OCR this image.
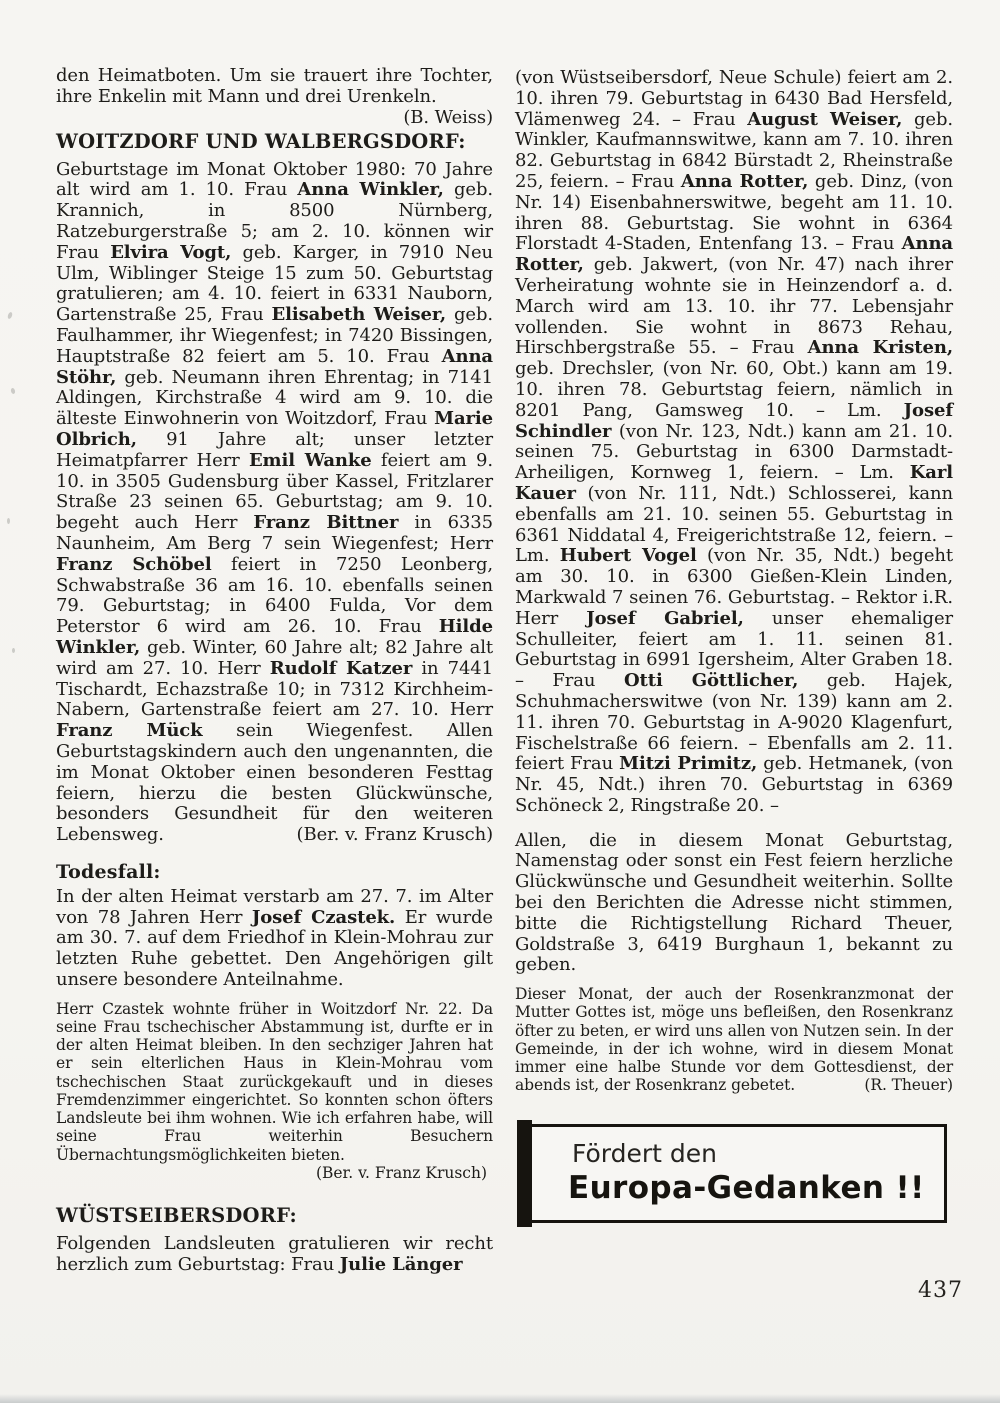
den Heimatboten. Um sie trauert ihre Tochter, ihre Enkelin mit Mann und drei Urenkeln.
(B. Weiss)

WOITZDORF UND WALBERGSDORF:

Geburtstage im Monat Oktober 1980: 70 Jahre alt wird am 1. 10. Frau Anna Winkler, geb. Krannich, in 8500 Nürnberg, Ratzeburgerstraße 5; am 2. 10. können wir Frau Elvira Vogt, geb. Karger, in 7910 Neu Ulm, Wiblinger Steige 15 zum 50. Geburtstag gratulieren; am 4. 10. feiert in 6331 Nauborn, Gartenstraße 25, Frau Elisabeth Weiser, geb. Faulhammer, ihr Wiegenfest; in 7420 Bissingen, Hauptstraße 82 feiert am 5. 10. Frau Anna Stöhr, geb. Neumann ihren Ehrentag; in 7141 Aldingen, Kirchstraße 4 wird am 9. 10. die älteste Einwohnerin von Woitzdorf, Frau Marie Olbrich, 91 Jahre alt; unser letzter Heimatpfarrer Herr Emil Wanke feiert am 9. 10. in 3505 Gudensburg über Kassel, Fritzlarer Straße 23 seinen 65. Geburtstag; am 9. 10. begeht auch Herr Franz Bittner in 6335 Naunheim, Am Berg 7 sein Wiegenfest; Herr Franz Schöbel feiert in 7250 Leonberg, Schwabstraße 36 am 16. 10. ebenfalls seinen 79. Geburtstag; in 6400 Fulda, Vor dem Peterstor 6 wird am 26. 10. Frau Hilde Winkler, geb. Winter, 60 Jahre alt; 82 Jahre alt wird am 27. 10. Herr Rudolf Katzer in 7441 Tischardt, Echazstraße 10; in 7312 Kirchheim-Nabern, Gartenstraße feiert am 27. 10. Herr Franz Mück sein Wiegenfest. Allen Geburtstagskindern auch den ungenannten, die im Monat Oktober einen besonderen Festtag feiern, hierzu die besten Glückwünsche, besonders Gesundheit für den weiteren Lebensweg.	(Ber. v. Franz Krusch)

Todesfall:

In der alten Heimat verstarb am 27. 7. im Alter von 78 Jahren Herr Josef Czastek. Er wurde am 30. 7. auf dem Friedhof in Klein-Mohrau zur letzten Ruhe gebettet. Den Angehörigen gilt unsere besondere Anteilnahme.

Herr Czastek wohnte früher in Woitzdorf Nr. 22. Da seine Frau tschechischer Abstammung ist, durfte er in der alten Heimat bleiben. In den sechziger Jahren hat er sein elterlichen Haus in Klein-Mohrau vom tschechischen Staat zurückgekauft und in dieses Fremdenzimmer eingerichtet. So konnten schon öfters Landsleute bei ihm wohnen. Wie ich erfahren habe, will seine Frau weiterhin Besuchern Übernachtungsmöglichkeiten bieten.

(Ber. v. Franz Krusch)

WÜSTSEIBERSDORF:

Folgenden Landsleuten gratulieren wir recht herzlich zum Geburtstag: Frau Julie Länger

(von Wüstseibersdorf, Neue Schule) feiert am 2. 10. ihren 79. Geburtstag in 6430 Bad Hersfeld, Vlämenweg 24. – Frau August Weiser, geb. Winkler, Kaufmannswitwe, kann am 7. 10. ihren 82. Geburtstag in 6842 Bürstadt 2, Rheinstraße 25, feiern. – Frau Anna Rotter, geb. Dinz, (von Nr. 14) Eisenbahnerswitwe, begeht am 11. 10. ihren 88. Geburtstag. Sie wohnt in 6364 Florstadt 4-Staden, Entenfang 13. – Frau Anna Rotter, geb. Jakwert, (von Nr. 47) nach ihrer Verheiratung wohnte sie in Heinzendorf a. d. March wird am 13. 10. ihr 77. Lebensjahr vollenden. Sie wohnt in 8673 Rehau, Hirschbergstraße 55. – Frau Anna Kristen, geb. Drechsler, (von Nr. 60, Obt.) kann am 19. 10. ihren 78. Geburtstag feiern, nämlich in 8201 Pang, Gamsweg 10. – Lm. Josef Schindler (von Nr. 123, Ndt.) kann am 21. 10. seinen 75. Geburtstag in 6300 Darmstadt-Arheiligen, Kornweg 1, feiern. – Lm. Karl Kauer (von Nr. 111, Ndt.) Schlosserei, kann ebenfalls am 21. 10. seinen 55. Geburtstag in 6361 Niddatal 4, Freigerichtstraße 12, feiern. – Lm. Hubert Vogel (von Nr. 35, Ndt.) begeht am 30. 10. in 6300 Gießen-Klein Linden, Markwald 7 seinen 76. Geburtstag. – Rektor i.R. Herr Josef Gabriel, unser ehemaliger Schulleiter, feiert am 1. 11. seinen 81. Geburtstag in 6991 Igersheim, Alter Graben 18. – Frau Otti Göttlicher, geb. Hajek, Schuhmacherswitwe (von Nr. 139) kann am 2. 11. ihren 70. Geburtstag in A-9020 Klagenfurt, Fischelstraße 66 feiern. – Ebenfalls am 2. 11. feiert Frau Mitzi Primitz, geb. Hetmanek, (von Nr. 45, Ndt.) ihren 70. Geburtstag in 6369 Schöneck 2, Ringstraße 20. –

Allen, die in diesem Monat Geburtstag, Namenstag oder sonst ein Fest feiern herzliche Glückwünsche und Gesundheit weiterhin. Sollte bei den Berichten die Adresse nicht stimmen, bitte die Richtigstellung Richard Theuer, Goldstraße 3, 6419 Burghaun 1, bekannt zu geben.

Dieser Monat, der auch der Rosenkranzmonat der Mutter Gottes ist, möge uns befleißen, den Rosenkranz öfter zu beten, er wird uns allen von Nutzen sein. In der Gemeinde, in der ich wohne, wird in diesem Monat immer eine halbe Stunde vor dem Gottesdienst, der abends ist, der Rosenkranz gebetet.	(R. Theuer)

Fördert den
Europa-Gedanken !!
437
